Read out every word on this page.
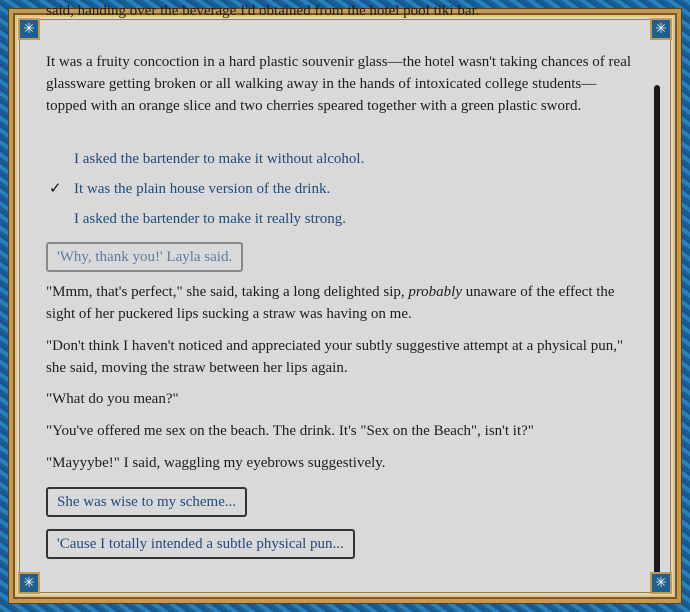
said, handing over the beverage I'd obtained from the hotel pool tiki bar.

It was a fruity concoction in a hard plastic souvenir glass—the hotel wasn't taking chances of real glassware getting broken or all walking away in the hands of intoxicated college students—topped with an orange slice and two cherries speared together with a green plastic sword.

I asked the bartender to make it without alcohol.
✓ It was the plain house version of the drink.
I asked the bartender to make it really strong.
'Why, thank you!' Layla said.

"Mmm, that's perfect," she said, taking a long delighted sip, probably unaware of the effect the sight of her puckered lips sucking a straw was having on me.

"Don't think I haven't noticed and appreciated your subtly suggestive attempt at a physical pun," she said, moving the straw between her lips again.

"What do you mean?"

"You've offered me sex on the beach. The drink. It's "Sex on the Beach", isn't it?"

"Mayyybe!" I said, waggling my eyebrows suggestively.

She was wise to my scheme...
'Cause I totally intended a subtle physical pun...
✳	✳
✳	✳
